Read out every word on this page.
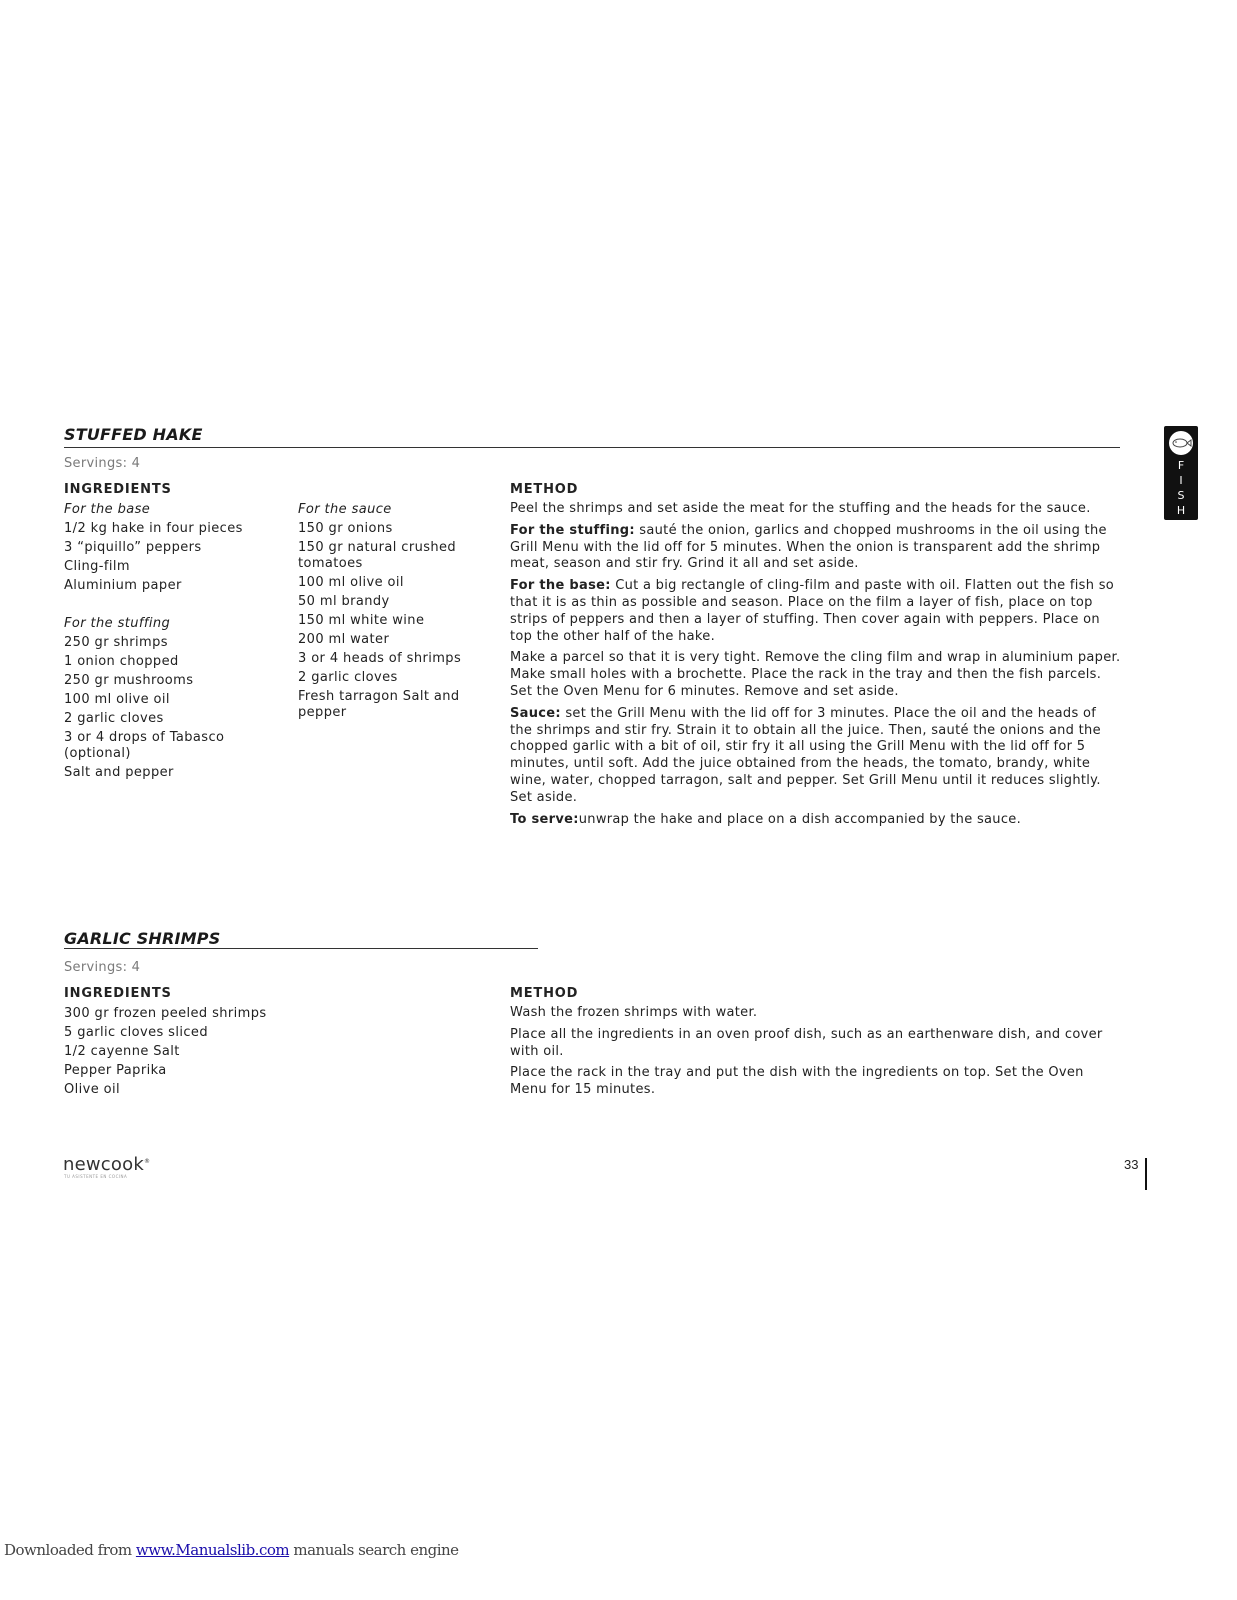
STUFFED HAKE
Servings: 4
INGREDIENTS
For the base
1/2 kg hake in four pieces
3 “piquillo” peppers
Cling-film
Aluminium paper
For the stuffing
250 gr shrimps
1 onion chopped
250 gr mushrooms
100 ml olive oil
2 garlic cloves
3 or 4 drops of Tabasco (optional)
Salt and pepper
For the sauce
150 gr onions
150 gr natural crushed tomatoes
100 ml olive oil
50 ml brandy
150 ml white wine
200 ml water
3 or 4 heads of shrimps
2 garlic cloves
Fresh tarragon Salt and pepper
METHOD

Peel the shrimps and set aside the meat for the stuffing and the heads for the sauce.

For the stuffing: sauté the onion, garlics and chopped mushrooms in the oil using the Grill Menu with the lid off for 5 minutes. When the onion is transparent add the shrimp meat, season and stir fry. Grind it all and set aside.

For the base: Cut a big rectangle of cling-film and paste with oil. Flatten out the fish so that it is as thin as possible and season. Place on the film a layer of fish, place on top strips of peppers and then a layer of stuffing. Then cover again with peppers. Place on top the other half of the hake.

Make a parcel so that it is very tight. Remove the cling film and wrap in aluminium paper. Make small holes with a brochette. Place the rack in the tray and then the fish parcels. Set the Oven Menu for 6 minutes. Remove and set aside.

Sauce: set the Grill Menu with the lid off for 3 minutes. Place the oil and the heads of the shrimps and stir fry. Strain it to obtain all the juice. Then, sauté the onions and the chopped garlic with a bit of oil, stir fry it all using the Grill Menu with the lid off for 5 minutes, until soft. Add the juice obtained from the heads, the tomato, brandy, white wine, water, chopped tarragon, salt and pepper. Set Grill Menu until it reduces slightly. Set aside.

To serve:unwrap the hake and place on a dish accompanied by the sauce.

GARLIC SHRIMPS
Servings: 4
INGREDIENTS
300 gr frozen peeled shrimps
5 garlic cloves sliced
1/2 cayenne Salt
Pepper Paprika
Olive oil
METHOD

Wash the frozen shrimps with water.

Place all the ingredients in an oven proof dish, such as an earthenware dish, and cover with oil.

Place the rack in the tray and put the dish with the ingredients on top. Set the Oven Menu for 15 minutes.

F
I
S
H
newcook®
TU ASISTENTE EN COCINA
33
Downloaded from www.Manualslib.com manuals search engine
